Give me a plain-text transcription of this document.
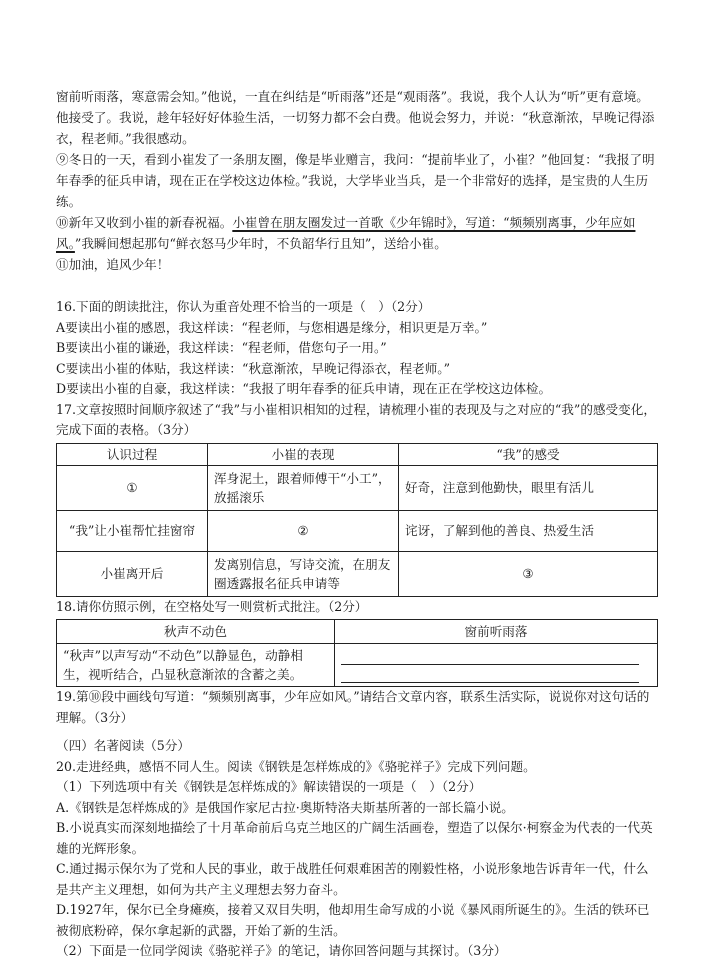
窗前听雨落，寒意需会知。”他说，一直在纠结是“听雨落”还是“观雨落”。我说，我个人认为“听”更有意境。他接受了。我说，趁年轻好好体验生活，一切努力都不会白费。他说会努力，并说：“秋意渐浓，早晚记得添衣，程老师。”我很感动。

⑨冬日的一天，看到小崔发了一条朋友圈，像是毕业赠言，我问：“提前毕业了，小崔？”他回复：“我报了明年春季的征兵申请，现在正在学校这边体检。”我说，大学毕业当兵，是一个非常好的选择，是宝贵的人生历练。

⑩新年又收到小崔的新春祝福。小崔曾在朋友圈发过一首歌《少年锦时》，写道：“频频别离事，少年应如风。”我瞬间想起那句“鲜衣怒马少年时，不负韶华行且知”，送给小崔。

⑪加油，追风少年！

16.下面的朗读批注，你认为重音处理不恰当的一项是（　）（2分）

A要读出小崔的感恩，我这样读：“程老师，与您相遇是缘分，相识更是万幸。”

B要读出小崔的谦逊，我这样读：“程老师，借您句子一用。”

C要读出小崔的体贴，我这样读：“秋意渐浓，早晚记得添衣，程老师。”

D要读出小崔的自豪，我这样读：“我报了明年春季的征兵申请，现在正在学校这边体检。

17.文章按照时间顺序叙述了“我”与小崔相识相知的过程，请梳理小崔的表现及与之对应的“我”的感受变化，完成下面的表格。（3分）

认识过程	小崔的表现	“我”的感受
①	浑身泥土，跟着师傅干“小工”，放摇滚乐	好奇，注意到他勤快，眼里有活儿
“我”让小崔帮忙挂窗帘	②	诧讶，了解到他的善良、热爱生活
小崔离开后	发离别信息，写诗交流，在朋友圈透露报名征兵申请等	③

18.请你仿照示例，在空格处写一则赏析式批注。（2分）

秋声不动色	窗前听雨落
“秋声”以声写动“不动色”以静显色，动静相生，视听结合，凸显秋意渐浓的含蓄之美。	

19.第⑩段中画线句写道：“频频别离事，少年应如风。”请结合文章内容，联系生活实际，说说你对这句话的理解。（3分）

（四）名著阅读（5分）

20.走进经典，感悟不同人生。阅读《钢铁是怎样炼成的》《骆驼祥子》完成下列问题。

（1）下列选项中有关《钢铁是怎样炼成的》解读错误的一项是（　）（2分）

A.《钢铁是怎样炼成的》是俄国作家尼古拉·奥斯特洛夫斯基所著的一部长篇小说。

B.小说真实而深刻地描绘了十月革命前后乌克兰地区的广阔生活画卷，塑造了以保尔·柯察金为代表的一代英雄的光辉形象。

C.通过揭示保尔为了党和人民的事业，敢于战胜任何艰难困苦的刚毅性格，小说形象地告诉青年一代，什么是共产主义理想，如何为共产主义理想去努力奋斗。

D.1927年，保尔已全身瘫痪，接着又双目失明，他却用生命写成的小说《暴风雨所诞生的》。生活的铁环已被彻底粉碎，保尔拿起新的武器，开始了新的生活。

（2）下面是一位同学阅读《骆驼祥子》的笔记，请你回答问题与其探讨。（3分）
